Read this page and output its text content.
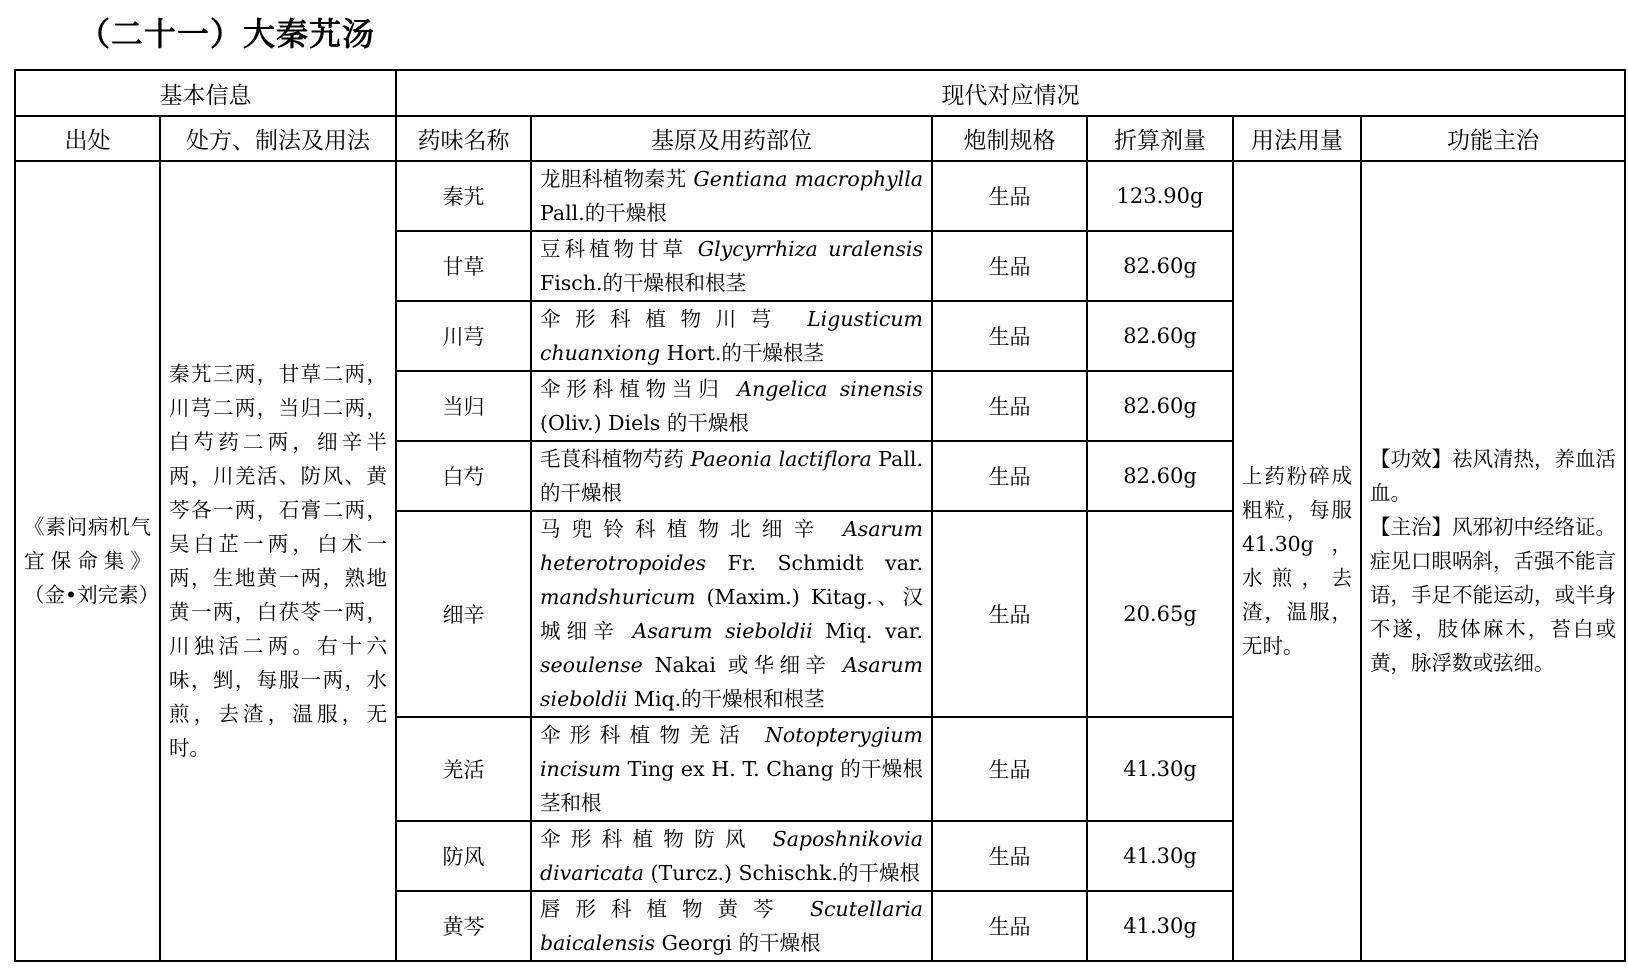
（二十一）大秦艽汤
基本信息		现代对应情况					
出处	处方、制法及用法	药味名称	基原及用药部位	炮制规格	折算剂量	用法用量	功能主治
《素问病机气宜保命集》（金•刘完素）	秦艽三两，甘草二两，川芎二两，当归二两，白芍药二两，细辛半两，川羌活、防风、黄芩各一两，石膏二两，吴白芷一两，白术一两，生地黄一两，熟地黄一两，白茯苓一两，川独活二两。右十六味，剉，每服一两，水煎，去渣，温服，无时。	秦艽	龙胆科植物秦艽 Gentiana macrophylla Pall.的干燥根	生品	123.90g	上药粉碎成粗粒，每服41.30g，水煎，去渣，温服，无时。	【功效】祛风清热，养血活血。
【主治】风邪初中经络证。症见口眼㖞斜，舌强不能言语，手足不能运动，或半身不遂，肢体麻木，苔白或黄，脉浮数或弦细。
		甘草	豆科植物甘草 Glycyrrhiza uralensis Fisch.的干燥根和根茎	生品	82.60g		
		川芎	伞形科植物川芎 Ligusticum chuanxiong Hort.的干燥根茎	生品	82.60g		
		当归	伞形科植物当归 Angelica sinensis (Oliv.) Diels 的干燥根	生品	82.60g		
		白芍	毛茛科植物芍药 Paeonia lactiflora Pall.的干燥根	生品	82.60g		
		细辛	马兜铃科植物北细辛 Asarum heterotropoides Fr. Schmidt var. mandshuricum (Maxim.) Kitag.、汉城细辛 Asarum sieboldii Miq. var. seoulense Nakai 或华细辛 Asarum sieboldii Miq.的干燥根和根茎	生品	20.65g		
		羌活	伞形科植物羌活 Notopterygium incisum Ting ex H. T. Chang 的干燥根茎和根	生品	41.30g		
		防风	伞形科植物防风 Saposhnikovia divaricata (Turcz.) Schischk.的干燥根	生品	41.30g		
		黄芩	唇形科植物黄芩 Scutellaria baicalensis Georgi 的干燥根	生品	41.30g		
